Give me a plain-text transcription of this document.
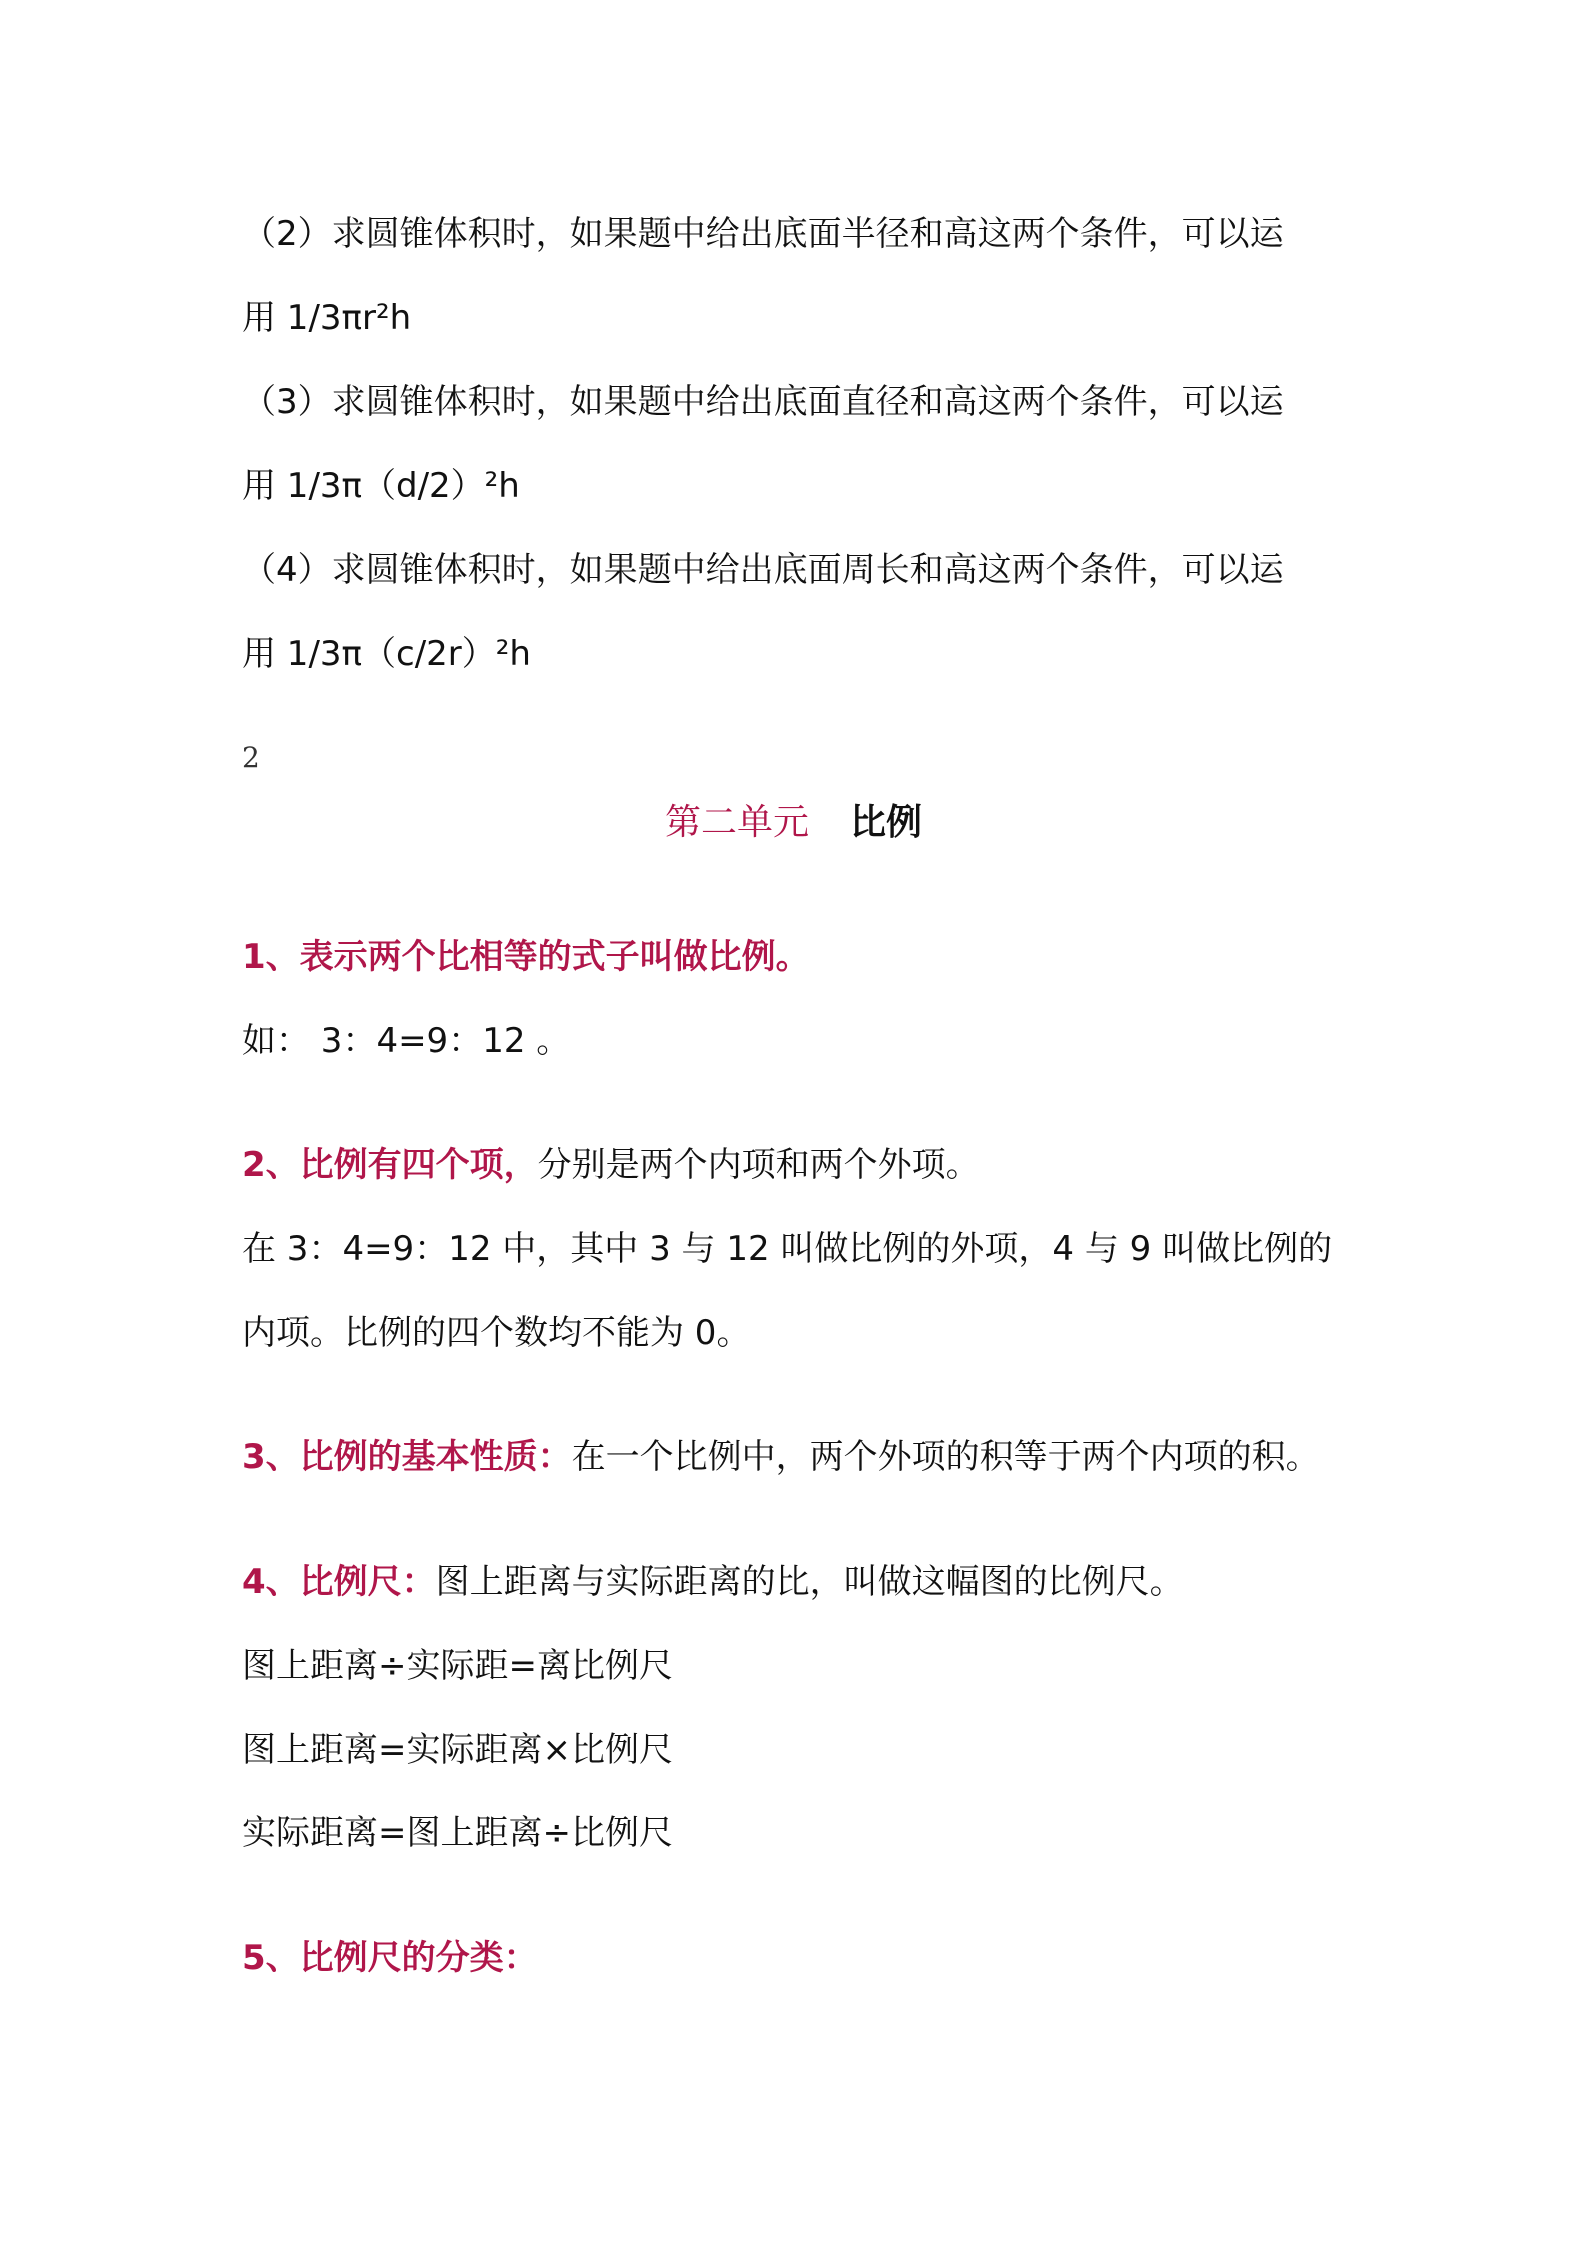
（2）求圆锥体积时，如果题中给出底面半径和高这两个条件，可以运
用 1/3πr²h
（3）求圆锥体积时，如果题中给出底面直径和高这两个条件，可以运
用 1/3π（d/2）²h
（4）求圆锥体积时，如果题中给出底面周长和高这两个条件，可以运
用 1/3π（c/2r）²h
2
第二单元 比例
1、表示两个比相等的式子叫做比例。
如： 3：4=9：12 。
2、比例有四个项，分别是两个内项和两个外项。
在 3：4=9：12 中，其中 3 与 12 叫做比例的外项，4 与 9 叫做比例的
内项。比例的四个数均不能为 0。
3、比例的基本性质：在一个比例中，两个外项的积等于两个内项的积。
4、比例尺：图上距离与实际距离的比，叫做这幅图的比例尺。
图上距离÷实际距=离比例尺
图上距离=实际距离×比例尺
实际距离=图上距离÷比例尺
5、比例尺的分类：
